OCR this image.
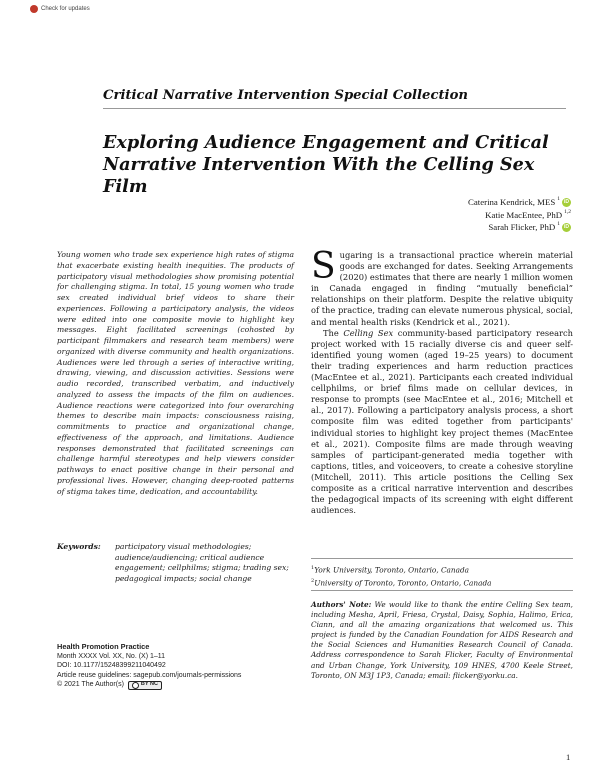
Check for updates
Critical Narrative Intervention Special Collection
Exploring Audience Engagement and Critical
Narrative Intervention With the Celling Sex Film
Caterina Kendrick, MES $^1$ iD
Katie MacEntee, PhD $^{1,2}$
Sarah Flicker, PhD $^1$ iD
Young women who trade sex experience high rates of stigma that exacerbate existing health inequities. The products of participatory visual methodologies show promising potential for challenging stigma. In total, 15 young women who trade sex created individual brief videos to share their experiences. Following a participatory analysis, the videos were edited into one composite movie to highlight key messages. Eight facilitated screenings (cohosted by participant filmmakers and research team members) were organized with diverse community and health organizations. Audiences were led through a series of interactive writing, drawing, viewing, and discussion activities. Sessions were audio recorded, transcribed verbatim, and inductively analyzed to assess the impacts of the film on audiences. Audience reactions were categorized into four overarching themes to describe main impacts: consciousness raising, commitments to practice and organizational change, effectiveness of the approach, and limitations. Audience responses demonstrated that facilitated screenings can challenge harmful stereotypes and help viewers consider pathways to enact positive change in their personal and professional lives. However, changing deep-rooted patterns of stigma takes time, dedication, and accountability.
Keywords:	participatory visual methodologies; audience/audiencing; critical audience engagement; cellphilms; stigma; trading sex; pedagogical impacts; social change
Health Promotion Practice
Month XXXX Vol. XX, No. (X) 1–11
DOI: 10.1177/15248399211040492
Article reuse guidelines: sagepub.com/journals-permissions
© 2021 The Author(s)	BY NC

Sugaring is a transactional practice wherein material goods are exchanged for dates. Seeking Arrangements (2020) estimates that there are nearly 1 million women in Canada engaged in finding “mutually beneficial” relationships on their platform. Despite the relative ubiquity of the practice, trading can elevate numerous physical, social, and mental health risks (Kendrick et al., 2021).

The Celling Sex community-based participatory research project worked with 15 racially diverse cis and queer self-identified young women (aged 19–25 years) to document their trading experiences and harm reduction practices (MacEntee et al., 2021). Participants each created individual cellphilms, or brief films made on cellular devices, in response to prompts (see MacEntee et al., 2016; Mitchell et al., 2017). Following a participatory analysis process, a short composite film was edited together from participants' individual stories to highlight key project themes (MacEntee et al., 2021). Composite films are made through weaving samples of participant-generated media together with captions, titles, and voiceovers, to create a cohesive storyline (Mitchell, 2011). This article positions the Celling Sex composite as a critical narrative intervention and describes the pedagogical impacts of its screening with eight different audiences.

$^1$York University, Toronto, Ontario, Canada
$^2$University of Toronto, Toronto, Ontario, Canada
Authors' Note: We would like to thank the entire Celling Sex team, including Mesha, April, Friesa, Crystal, Daisy, Sophia, Halimo, Erica, Ciann, and all the amazing organizations that welcomed us. This project is funded by the Canadian Foundation for AIDS Research and the Social Sciences and Humanities Research Council of Canada. Address correspondence to Sarah Flicker, Faculty of Environmental and Urban Change, York University, 109 HNES, 4700 Keele Street, Toronto, ON M3J 1P3, Canada; email: flicker@yorku.ca.
1
